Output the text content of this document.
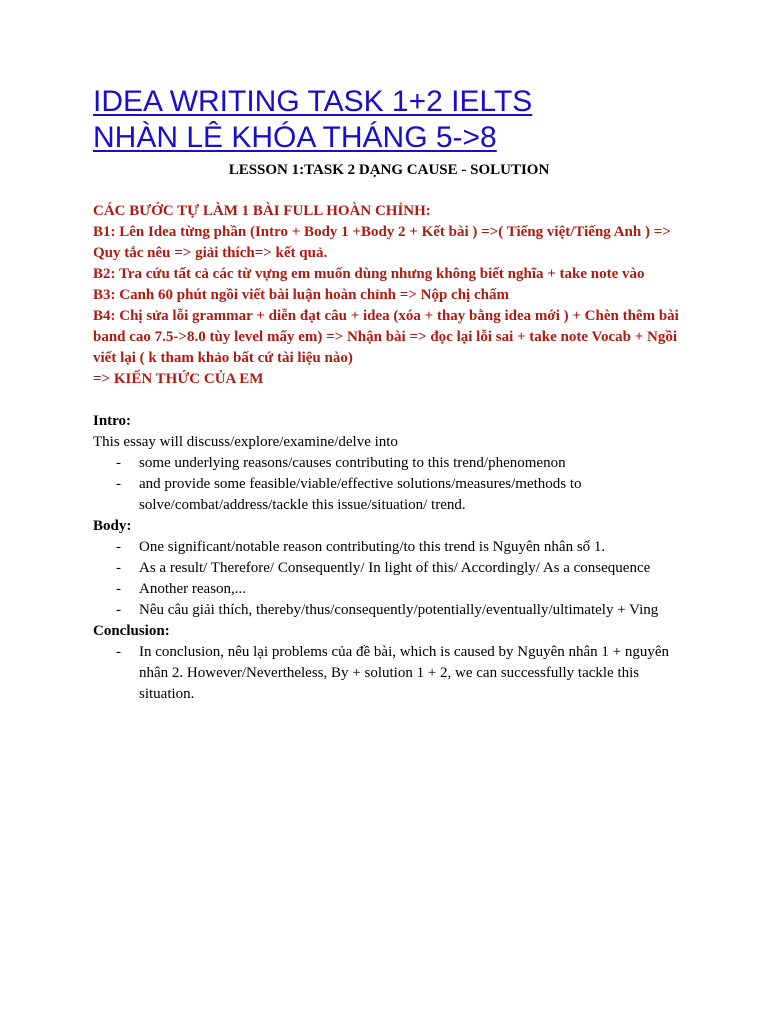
IDEA WRITING TASK 1+2 IELTS
NHÀN LÊ KHÓA THÁNG 5->8
LESSON 1:TASK 2 DẠNG CAUSE - SOLUTION

CÁC BƯỚC TỰ LÀM 1 BÀI FULL HOÀN CHỈNH:

B1: Lên Idea từng phần (Intro + Body 1 +Body 2 + Kết bài ) =>( Tiếng việt/Tiếng Anh ) => Quy tắc nêu => giải thích=> kết quả.

B2: Tra cứu tất cả các từ vựng em muốn dùng nhưng không biết nghĩa + take note vào

B3: Canh 60 phút ngồi viết bài luận hoàn chỉnh => Nộp chị chấm

B4: Chị sửa lỗi grammar + diễn đạt câu + idea (xóa + thay bằng idea mới ) + Chèn thêm bài band cao 7.5->8.0 tùy level mấy em) => Nhận bài => đọc lại lỗi sai + take note Vocab + Ngồi viết lại ( k tham khảo bất cứ tài liệu nào)

=> KIẾN THỨC CỦA EM

Intro:

This essay will discuss/explore/examine/delve into

- some underlying reasons/causes contributing to this trend/phenomenon
- and provide some feasible/viable/effective solutions/measures/methods to solve/combat/address/tackle this issue/situation/ trend.

Body:

- One significant/notable reason contributing/to this trend is Nguyên nhân số 1.
- As a result/ Therefore/ Consequently/ In light of this/ Accordingly/ As a consequence
- Another reason,...
- Nêu câu giải thích, thereby/thus/consequently/potentially/eventually/ultimately + Ving

Conclusion:

- In conclusion, nêu lại problems của đề bài, which is caused by Nguyên nhân 1 + nguyên nhân 2. However/Nevertheless, By + solution 1 + 2, we can successfully tackle this situation.
